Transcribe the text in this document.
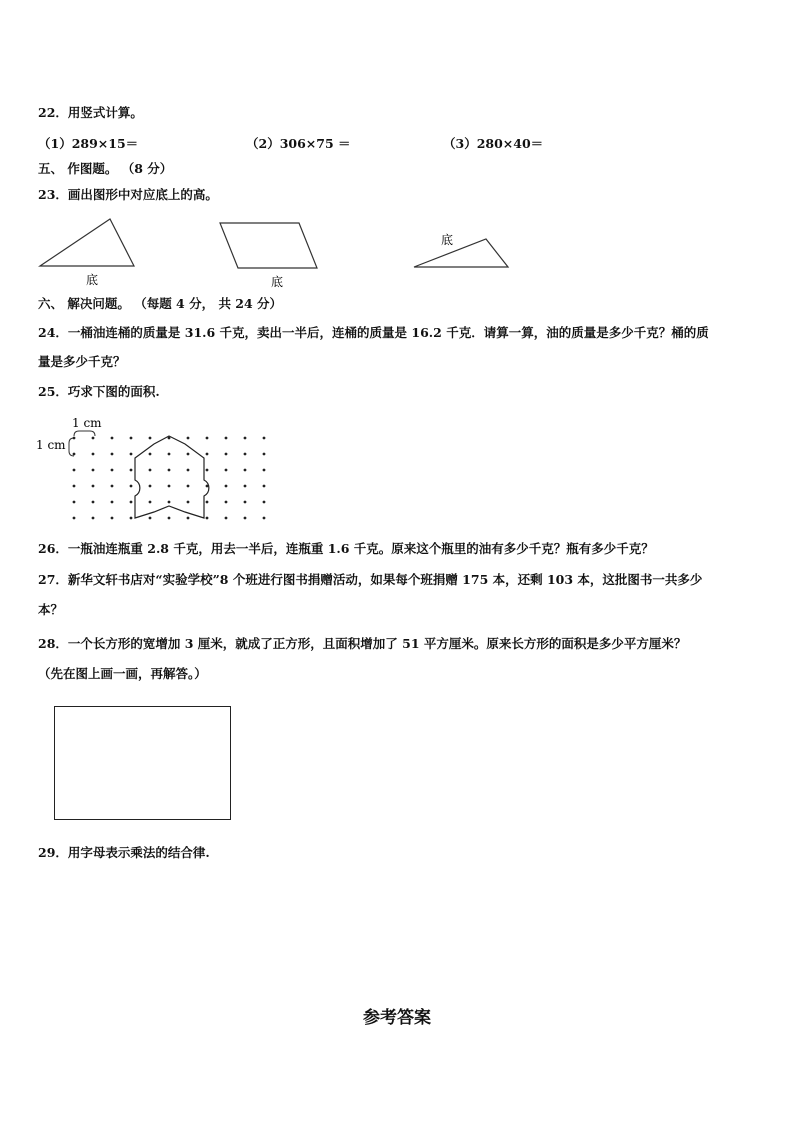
22．用竖式计算。
（1）289×15＝	（2）306×75 ＝	（3）280×40＝
五、 作图题。 （8 分）
23．画出图形中对应底上的高。
底	底
底
六、 解决问题。 （每题 4 分， 共 24 分）
24．一桶油连桶的质量是 31.6 千克，卖出一半后，连桶的质量是 16.2 千克．请算一算，油的质量是多少千克？桶的质
量是多少千克？
25．巧求下图的面积.
1 cm
1 cm
26．一瓶油连瓶重 2.8 千克，用去一半后，连瓶重 1.6 千克。原来这个瓶里的油有多少千克？瓶有多少千克？
27．新华文轩书店对“实验学校”8 个班进行图书捐赠活动，如果每个班捐赠 175 本，还剩 103 本，这批图书一共多少
本？
28．一个长方形的宽增加 3 厘米，就成了正方形，且面积增加了 51 平方厘米。原来长方形的面积是多少平方厘米？
（先在图上画一画，再解答。）
29．用字母表示乘法的结合律.
参考答案
